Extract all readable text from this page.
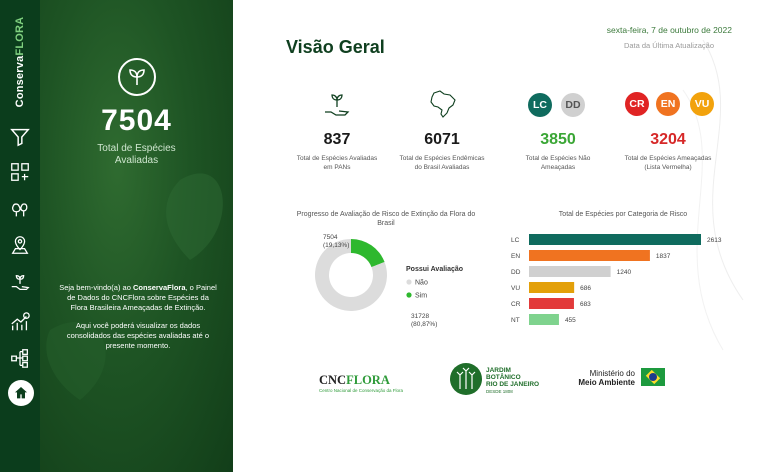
ConservaFLORA
7504
Total de Espécies Avaliadas

Seja bem-vindo(a) ao ConservaFlora, o Painel de Dados do CNCFlora sobre Espécies da Flora Brasileira Ameaçadas de Extinção.

Aqui você poderá visualizar os dados consolidados das espécies avaliadas até o presente momento.

Visão Geral
sexta-feira, 7 de outubro de 2022
Data da Última Atualização
LC	DD	CR	EN	VU
837
Total de Espécies Avaliadas em PANs
6071
Total de Espécies Endêmicas do Brasil Avaliadas
3850
Total de Espécies Não Ameaçadas
3204
Total de Espécies Ameaçadas (Lista Vermelha)
Progresso de Avaliação de Risco de Extinção da Flora do Brasil
7504
(19,13%)
31728
(80,87%)
Possui Avaliação
Não
Sim
Total de Espécies por Categoria de Risco
LC	2613
EN	1837
DD	1240
VU	686
CR	683
NT	455
CNCFLORA
Centro Nacional de Conservação da Flora
JARDIM
BOTÂNICO
RIO DE JANEIRO
DESDE 1808
Ministério do
Meio Ambiente
